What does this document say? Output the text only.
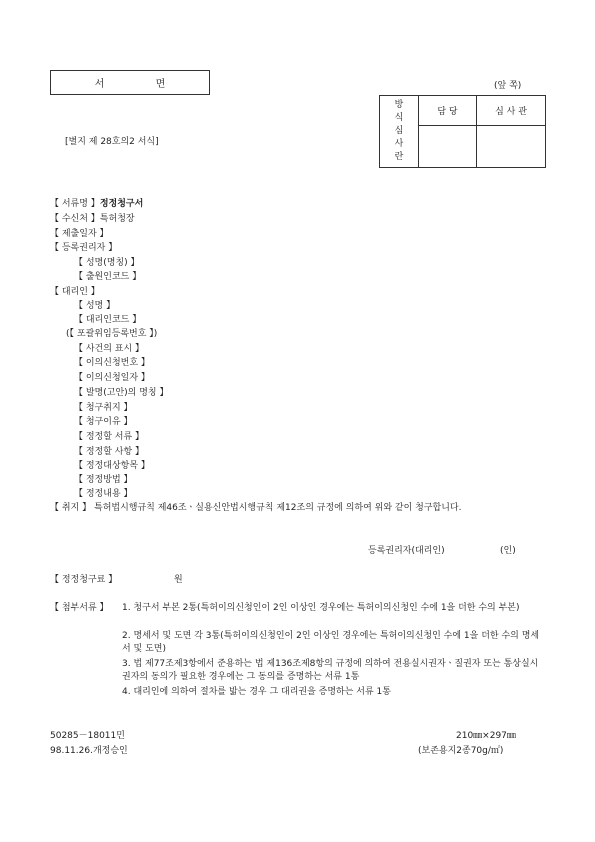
서 면	(앞 쪽)
[별지 제 28호의2 서식]
방
식
심
사
란	담 당	심 사 관

【 서류명 】정정청구서
【 수신처 】특허청장
【 제출일자 】
【 등록권리자 】
【 성명(명칭) 】
【 출원인코드 】
【 대리인 】
【 성명 】
【 대리인코드 】
(【 포괄위임등록번호 】)
【 사건의 표시 】
【 이의신청번호 】
【 이의신청일자 】
【 발명(고안)의 명칭 】
【 청구취지 】
【 청구이유 】
【 정정할 서류 】
【 정정할 사항 】
【 정정대상항목 】
【 정정방법 】
【 정정내용 】
【 취지 】 특허법시행규칙 제46조ㆍ실용신안법시행규칙 제12조의 규정에 의하여 위와 같이 청구합니다.
등록권리자(대리인)	(인)
【 정정청구료 】	원
【 첨부서류 】 1. 청구서 부본 2통(특허이의신청인이 2인 이상인 경우에는 특허이의신청인 수에 1을 더한 수의 부본)
2. 명세서 및 도면 각 3통(특허이의신청인이 2인 이상인 경우에는 특허이의신청인 수에 1을 더한 수의 명세서 및 도면)
3. 법 제77조제3항에서 준용하는 법 제136조제8항의 규정에 의하여 전용실시권자ㆍ질권자 또는 통상실시권자의 동의가 필요한 경우에는 그 동의를 증명하는 서류 1통
4. 대리인에 의하여 절차를 밟는 경우 그 대리권을 증명하는 서류 1통
50285－18011민
98.11.26.개정승인
210㎜×297㎜
(보존용지2종70g/㎡)
